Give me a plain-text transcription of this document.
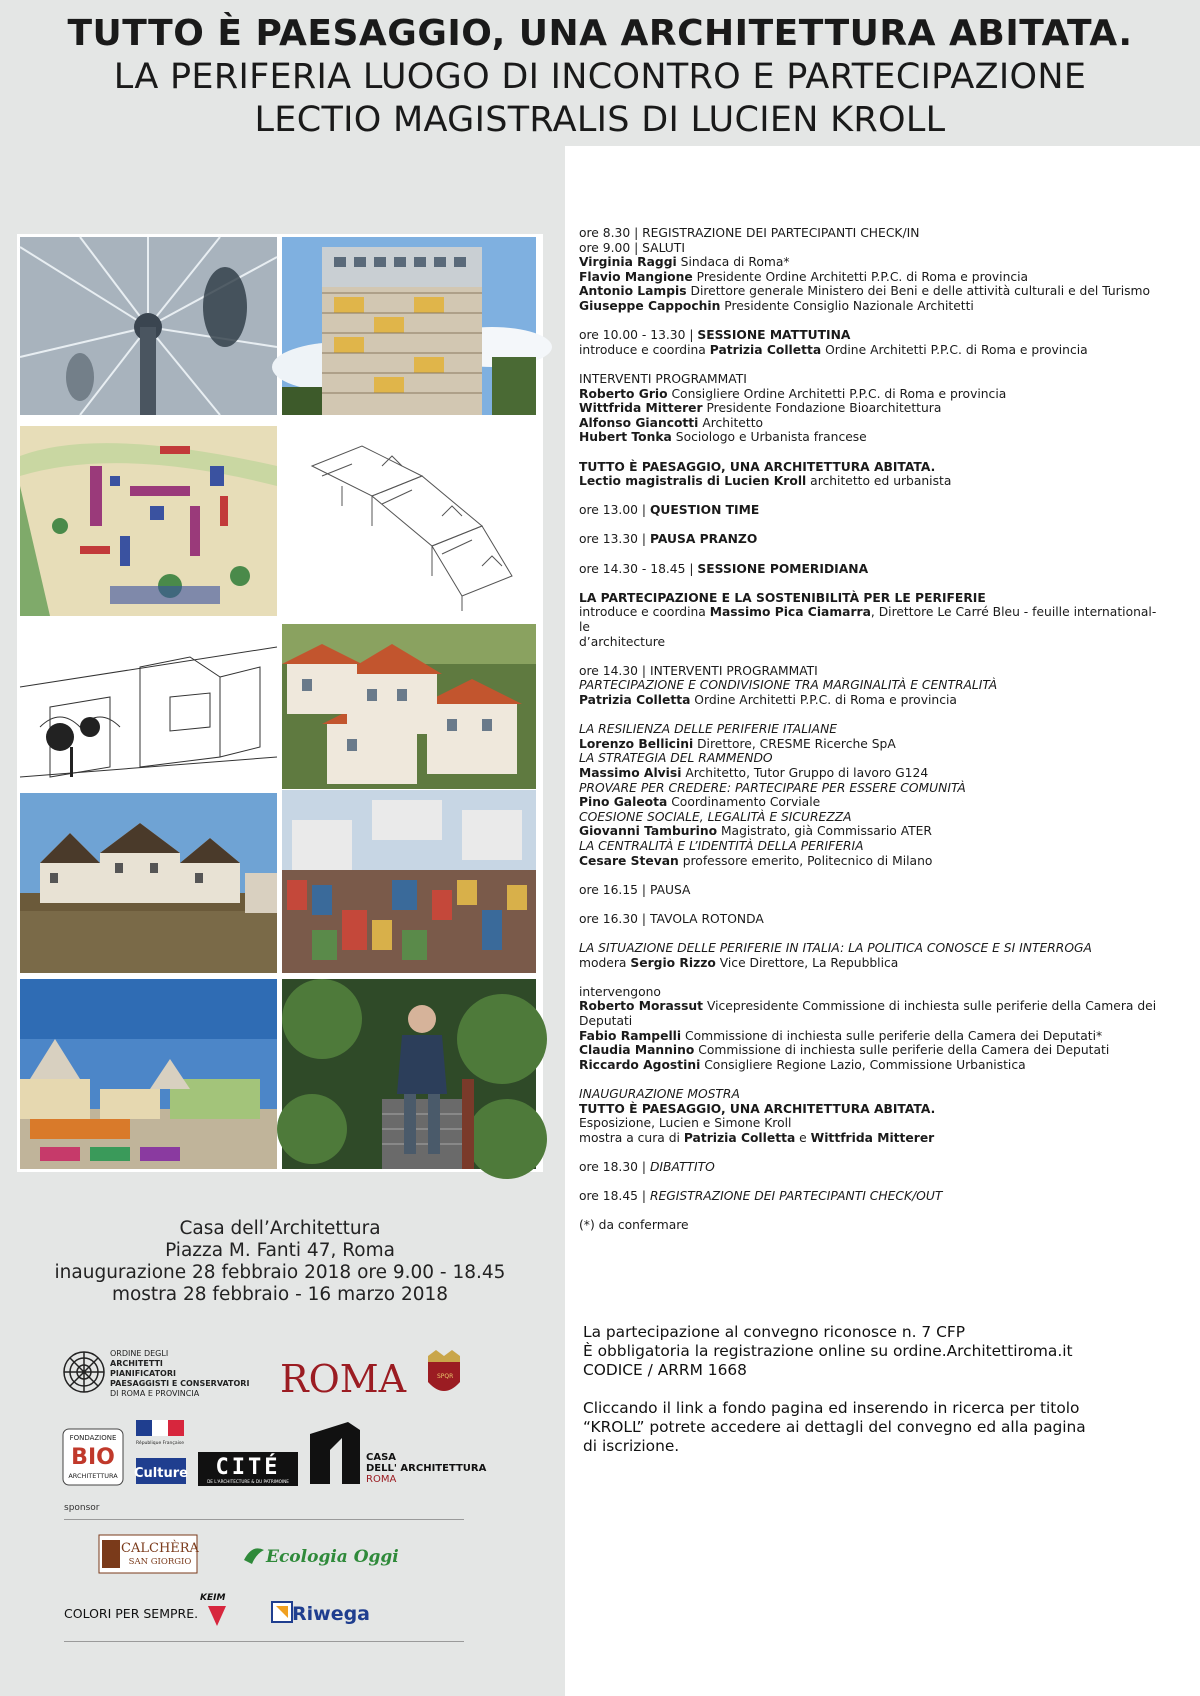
TUTTO È PAESAGGIO, UNA ARCHITETTURA ABITATA.
LA PERIFERIA LUOGO DI INCONTRO E PARTECIPAZIONE
LECTIO MAGISTRALIS DI LUCIEN KROLL
ore 8.30 | REGISTRAZIONE DEI PARTECIPANTI CHECK/IN
ore 9.00 | SALUTI
Virginia Raggi Sindaca di Roma*
Flavio Mangione Presidente Ordine Architetti P.P.C. di Roma e provincia
Antonio Lampis Direttore generale Ministero dei Beni e delle attività culturali e del Turismo
Giuseppe Cappochin Presidente Consiglio Nazionale Architetti
ore 10.00 - 13.30 | SESSIONE MATTUTINA
introduce e coordina Patrizia Colletta Ordine Architetti P.P.C. di Roma e provincia
INTERVENTI PROGRAMMATI
Roberto Grio Consigliere Ordine Architetti P.P.C. di Roma e provincia
Wittfrida Mitterer Presidente Fondazione Bioarchitettura
Alfonso Giancotti Architetto
Hubert Tonka Sociologo e Urbanista francese
TUTTO È PAESAGGIO, UNA ARCHITETTURA ABITATA.
Lectio magistralis di Lucien Kroll architetto ed urbanista
ore 13.00 | QUESTION TIME
ore 13.30 | PAUSA PRANZO
ore 14.30 - 18.45 | SESSIONE POMERIDIANA
LA PARTECIPAZIONE E LA SOSTENIBILITÀ PER LE PERIFERIE
introduce e coordina Massimo Pica Ciamarra, Direttore Le Carré Bleu - feuille international-
le
d’architecture
ore 14.30 | INTERVENTI PROGRAMMATI
PARTECIPAZIONE E CONDIVISIONE TRA MARGINALITÀ E CENTRALITÀ
Patrizia Colletta Ordine Architetti P.P.C. di Roma e provincia
LA RESILIENZA DELLE PERIFERIE ITALIANE
Lorenzo Bellicini Direttore, CRESME Ricerche SpA
LA STRATEGIA DEL RAMMENDO
Massimo Alvisi Architetto, Tutor Gruppo di lavoro G124
PROVARE PER CREDERE: PARTECIPARE PER ESSERE COMUNITÀ
Pino Galeota Coordinamento Corviale
COESIONE SOCIALE, LEGALITÀ E SICUREZZA
Giovanni Tamburino Magistrato, già Commissario ATER
LA CENTRALITÀ E L’IDENTITÀ DELLA PERIFERIA
Cesare Stevan professore emerito, Politecnico di Milano
ore 16.15 | PAUSA
ore 16.30 | TAVOLA ROTONDA
LA SITUAZIONE DELLE PERIFERIE IN ITALIA: LA POLITICA CONOSCE E SI INTERROGA
modera Sergio Rizzo Vice Direttore, La Repubblica
intervengono
Roberto Morassut Vicepresidente Commissione di inchiesta sulle periferie della Camera dei
Deputati
Fabio Rampelli Commissione di inchiesta sulle periferie della Camera dei Deputati*
Claudia Mannino Commissione di inchiesta sulle periferie della Camera dei Deputati
Riccardo Agostini Consigliere Regione Lazio, Commissione Urbanistica
INAUGURAZIONE MOSTRA
TUTTO È PAESAGGIO, UNA ARCHITETTURA ABITATA.
Esposizione, Lucien e Simone Kroll
mostra a cura di Patrizia Colletta e Wittfrida Mitterer
ore 18.30 | DIBATTITO
ore 18.45 | REGISTRAZIONE DEI PARTECIPANTI CHECK/OUT
(*) da confermare
Casa dell’Architettura
Piazza M. Fanti 47, Roma
inaugurazione 28 febbraio 2018 ore 9.00 - 18.45
mostra 28 febbraio - 16 marzo 2018
La partecipazione al convegno riconosce n. 7 CFP
È obbligatoria la registrazione online su ordine.Architettiroma.it
CODICE / ARRM 1668
Cliccando il link a fondo pagina ed inserendo in ricerca per titolo
“KROLL” potrete accedere ai dettagli del convegno ed alla pagina
di iscrizione.
ORDINE DEGLI
ARCHITETTI
PIANIFICATORI
PAESAGGISTI E CONSERVATORI
DI ROMA E PROVINCIA ROMA	SPQR
FONDAZIONE
BIO
ARCHITETTURA
République Française
Culture CITÉ
DE L'ARCHITECTURE & DU PATRIMOINE
CASA
DELL' ARCHITETTURA
ROMA
sponsor
CALCHÈRA
SAN GIORGIO	Ecologia Oggi
COLORI PER SEMPRE.
KEIM
Riwega
